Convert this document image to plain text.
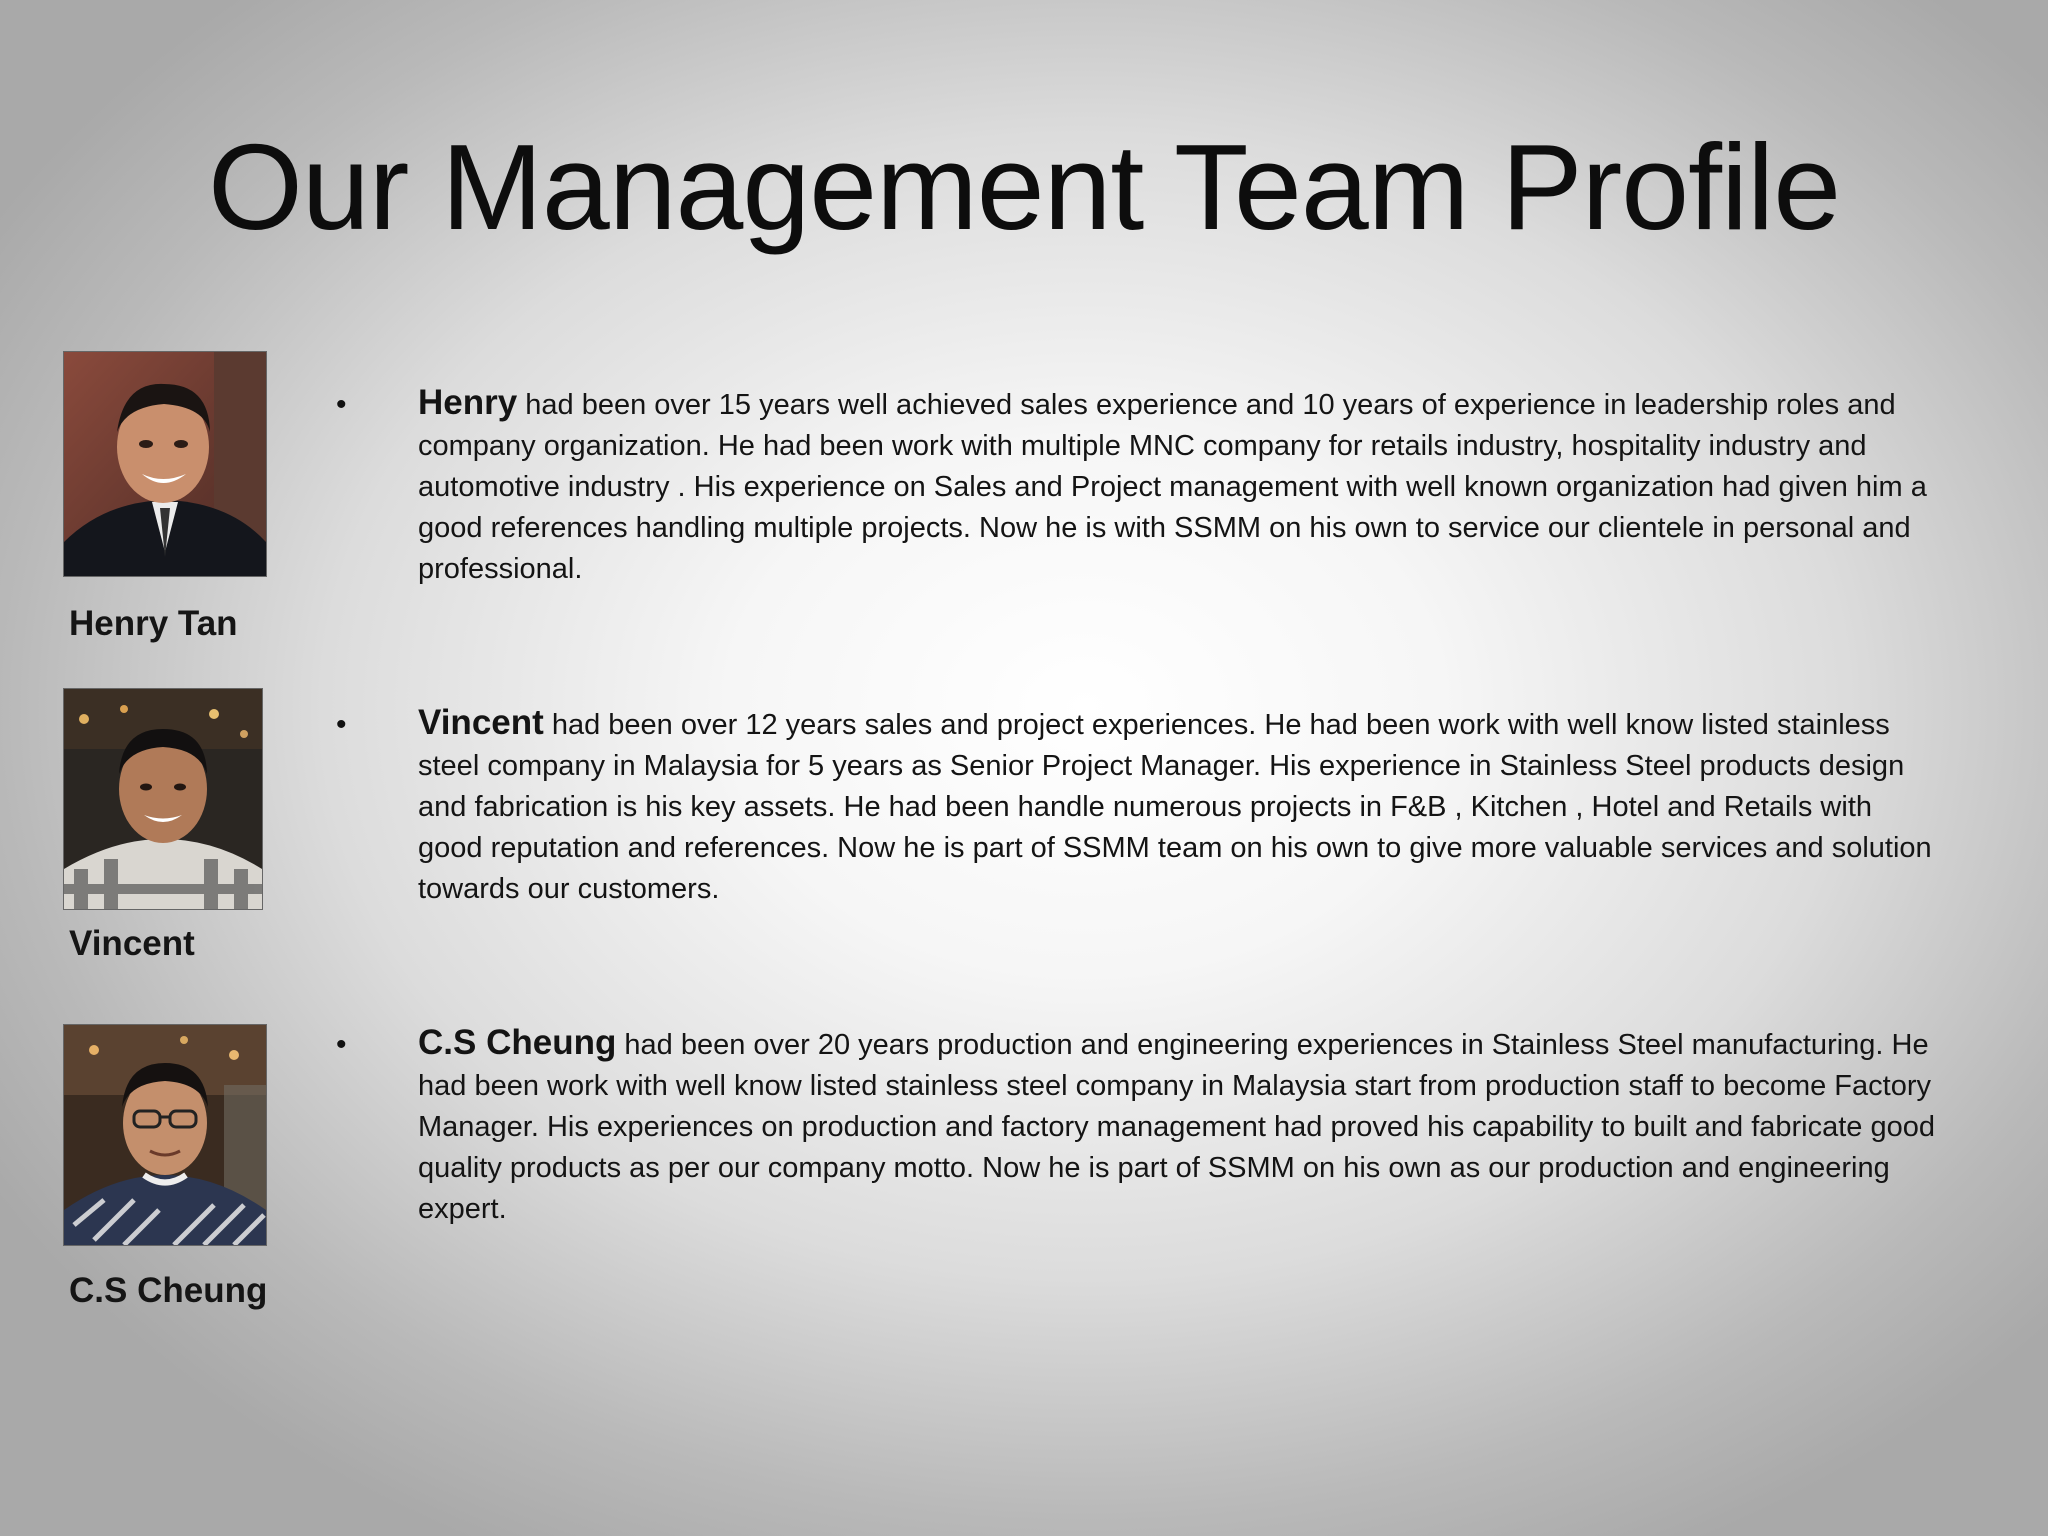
Our Management Team Profile
Henry Tan
Vincent
C.S Cheung
•	Henry had been over 15 years well achieved sales experience and 10 years of experience in leadership roles and company organization. He had been work with multiple MNC company for retails industry, hospitality industry and automotive industry . His experience on Sales and Project management with well known organization had given him a good references handling multiple projects. Now he is with SSMM on his own to service our clientele in personal and professional.
•	Vincent had been over 12 years sales and project experiences. He had been work with well know listed stainless steel company in Malaysia for 5 years as Senior Project Manager. His experience in Stainless Steel products design and fabrication is his key assets. He had been handle numerous projects in F&B , Kitchen , Hotel and Retails with good reputation and references. Now he is part of SSMM team on his own to give more valuable services and solution towards our customers.
•	C.S Cheung had been over 20 years production and engineering experiences in Stainless Steel manufacturing. He had been work with well know listed stainless steel company in Malaysia start from production staff to become Factory Manager. His experiences on production and factory management had proved his capability to built and fabricate good quality products as per our company motto. Now he is part of SSMM on his own as our production and engineering expert.
